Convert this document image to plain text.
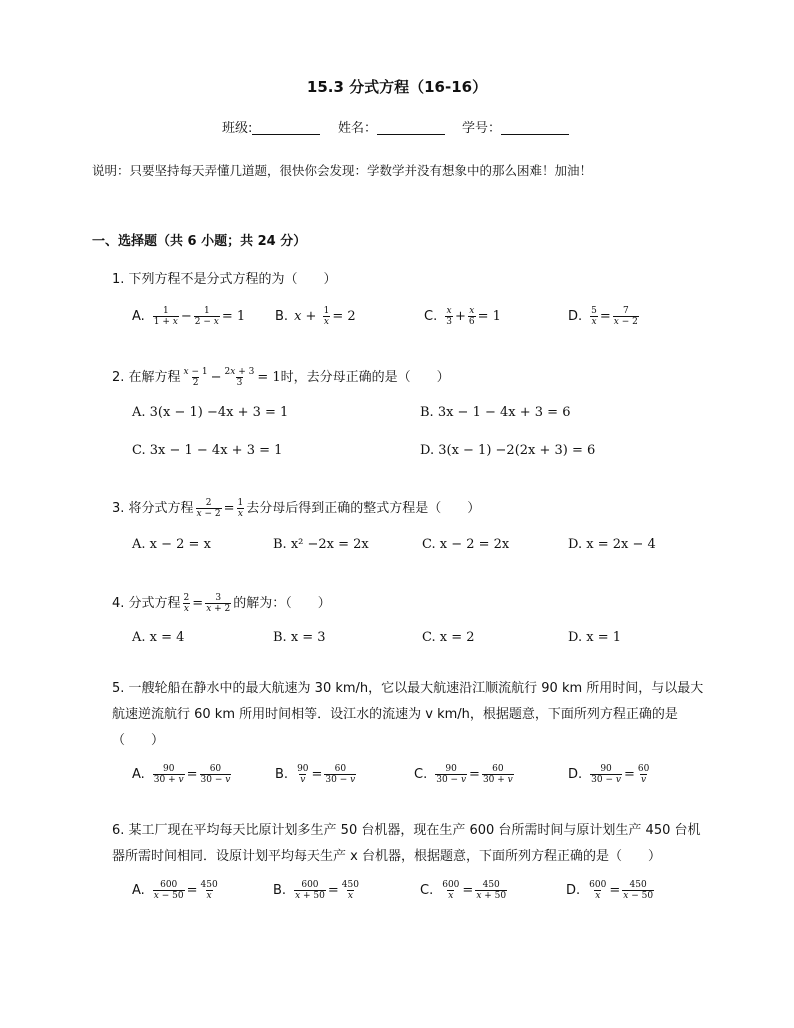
15.3 分式方程（16-16）
班级:	姓名：	学号：
说明：只要坚持每天弄懂几道题，很快你会发现：学数学并没有想象中的那么困难！加油！
一、选择题（共 6 小题；共 24 分）
1. 下列方程不是分式方程的为（　　）
A. $\frac{1}{1 + x} - \frac{1}{2 - x} = 1$ B. $x + \frac{1}{x} = 2$	C. $\frac{x}{3} + \frac{x}{6} = 1$	D. $\frac{5}{x} = \frac{7}{x - 2}$
2. 在解方程 $\frac{x - 1}{2} - \frac{2x + 3}{3} = 1$时，去分母正确的是（　　）
A. 3(x − 1) −4x + 3 = 1	B. 3x − 1 − 4x + 3 = 6
C. 3x − 1 − 4x + 3 = 1	D. 3(x − 1) −2(2x + 3) = 6
3. 将分式方程 $\frac{2}{x - 2} = \frac{1}{x}$ 去分母后得到正确的整式方程是（　　）
A. x − 2 = x	B. x² −2x = 2x	C. x − 2 = 2x	D. x = 2x − 4
4. 分式方程 $\frac{2}{x} = \frac{3}{x + 2}$ 的解为：（　　）
A. x = 4	B. x = 3	C. x = 2	D. x = 1
5. 一艘轮船在静水中的最大航速为 30 km/h，它以最大航速沿江顺流航行 90 km 所用时间，与以最大航速逆流航行 60 km 所用时间相等．设江水的流速为 v km/h，根据题意，下面所列方程正确的是（　　）
A. $\frac{90}{30 + v} = \frac{60}{30 - v}$	B. $\frac{90}{v} = \frac{60}{30 - v}$	C. $\frac{90}{30 - v} = \frac{60}{30 + v}$	D. $\frac{90}{30 - v} = \frac{60}{v}$
6. 某工厂现在平均每天比原计划多生产 50 台机器，现在生产 600 台所需时间与原计划生产 450 台机器所需时间相同．设原计划平均每天生产 x 台机器，根据题意，下面所列方程正确的是（　　）
A. $\frac{600}{x - 50} = \frac{450}{x}$	B. $\frac{600}{x + 50} = \frac{450}{x}$	C. $\frac{600}{x} = \frac{450}{x + 50}$	D. $\frac{600}{x} = \frac{450}{x - 50}$
